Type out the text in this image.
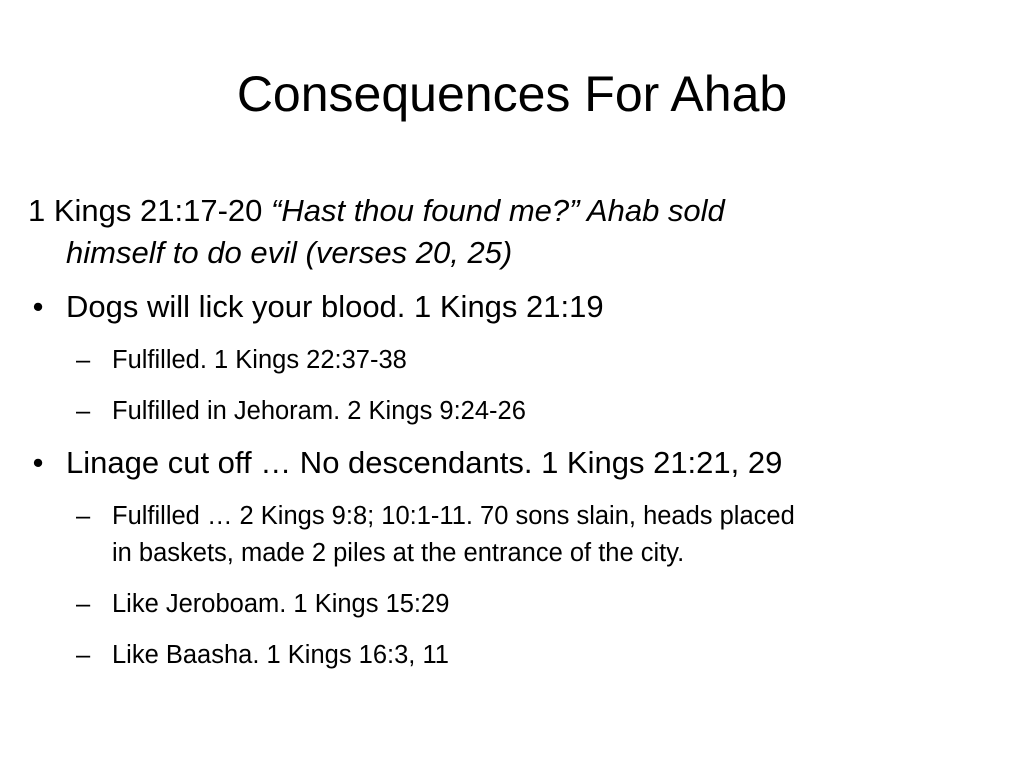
Consequences For Ahab
1 Kings 21:17-20 “Hast thou found me?” Ahab sold
himself to do evil (verses 20, 25)
• Dogs will lick your blood. 1 Kings 21:19
– Fulfilled. 1 Kings 22:37-38
– Fulfilled in Jehoram. 2 Kings 9:24-26
• Linage cut off … No descendants. 1 Kings 21:21, 29
– Fulfilled … 2 Kings 9:8; 10:1-11. 70 sons slain, heads placed
in baskets, made 2 piles at the entrance of the city.
– Like Jeroboam. 1 Kings 15:29
– Like Baasha. 1 Kings 16:3, 11
